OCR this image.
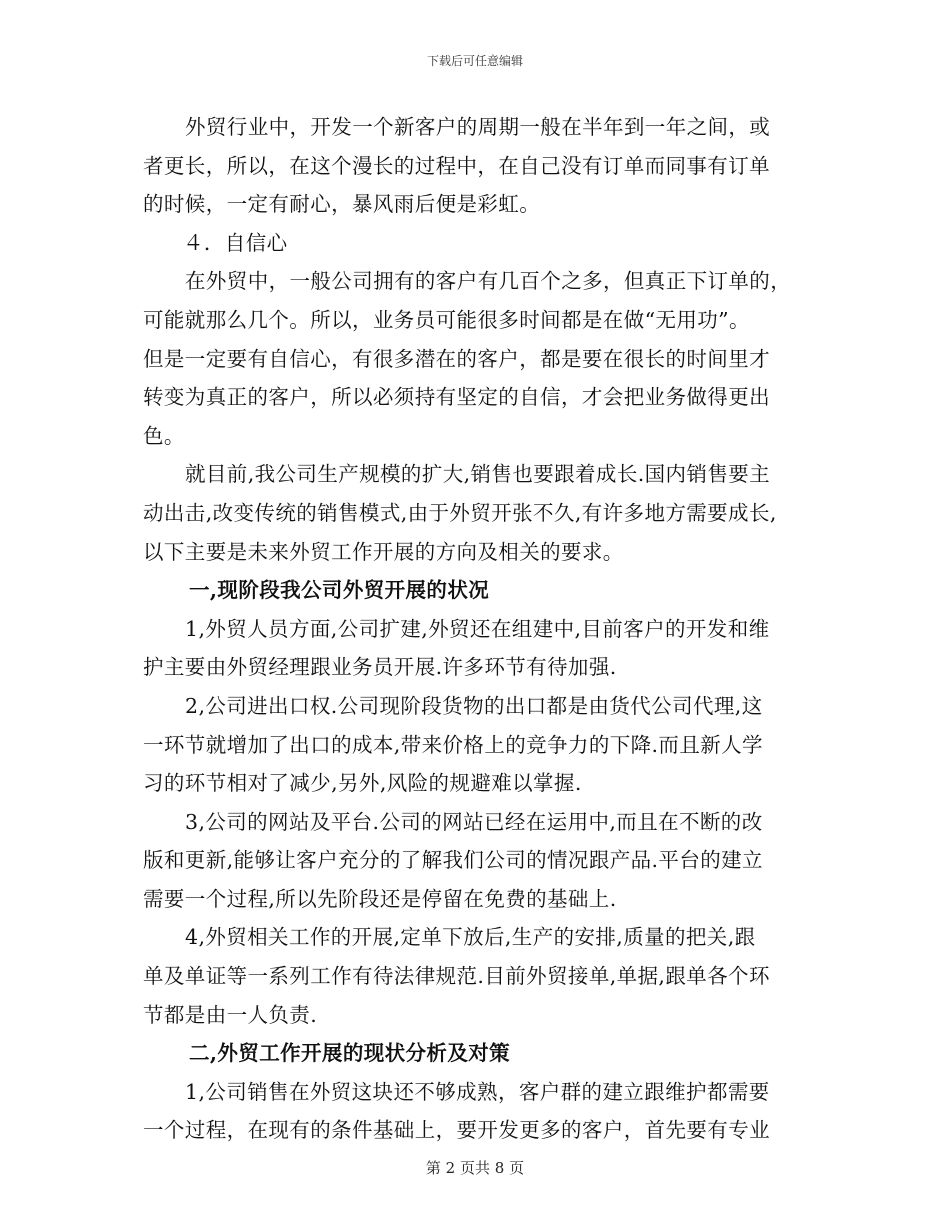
下载后可任意编辑
外贸行业中，开发一个新客户的周期一般在半年到一年之间，或
者更长，所以，在这个漫长的过程中，在自己没有订单而同事有订单
的时候，一定有耐心，暴风雨后便是彩虹。
４．自信心
在外贸中，一般公司拥有的客户有几百个之多，但真正下订单的，
可能就那么几个。所以，业务员可能很多时间都是在做“无用功”。
但是一定要有自信心，有很多潜在的客户，都是要在很长的时间里才
转变为真正的客户，所以必须持有坚定的自信，才会把业务做得更出
色。
就目前,我公司生产规模的扩大,销售也要跟着成长.国内销售要主
动出击,改变传统的销售模式,由于外贸开张不久,有许多地方需要成长,
以下主要是未来外贸工作开展的方向及相关的要求。
一,现阶段我公司外贸开展的状况
1,外贸人员方面,公司扩建,外贸还在组建中,目前客户的开发和维
护主要由外贸经理跟业务员开展.许多环节有待加强.
2,公司进出口权.公司现阶段货物的出口都是由货代公司代理,这
一环节就增加了出口的成本,带来价格上的竞争力的下降.而且新人学
习的环节相对了减少,另外,风险的规避难以掌握.
3,公司的网站及平台.公司的网站已经在运用中,而且在不断的改
版和更新,能够让客户充分的了解我们公司的情况跟产品.平台的建立
需要一个过程,所以先阶段还是停留在免费的基础上.
4,外贸相关工作的开展,定单下放后,生产的安排,质量的把关,跟
单及单证等一系列工作有待法律规范.目前外贸接单,单据,跟单各个环
节都是由一人负责.
二,外贸工作开展的现状分析及对策
1,公司销售在外贸这块还不够成熟，客户群的建立跟维护都需要
一个过程，在现有的条件基础上，要开发更多的客户，首先要有专业
第 2 页共 8 页
